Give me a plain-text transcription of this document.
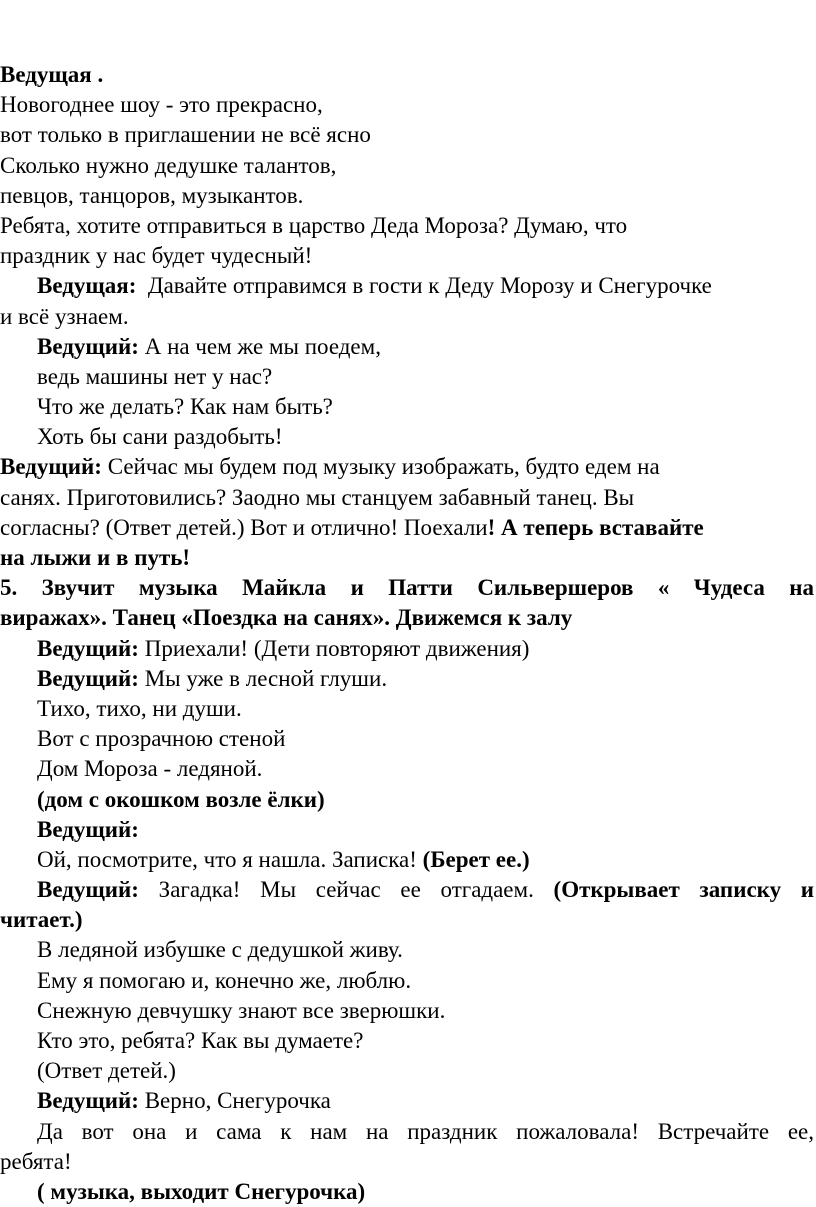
Ведущая .
Новогоднее шоу - это прекрасно,
вот только в приглашении не всё ясно
Сколько нужно дедушке талантов,
певцов, танцоров, музыкантов.
Ребята, хотите отправиться в царство Деда Мороза? Думаю, что
праздник у нас будет чудесный!
Ведущая: Давайте отправимся в гости к Деду Морозу и Снегурочке
и всё узнаем.
Ведущий: А на чем же мы поедем,
ведь машины нет у нас?
Что же делать? Как нам быть?
Хоть бы сани раздобыть!
Ведущий: Сейчас мы будем под музыку изображать, будто едем на
санях. Приготовились? Заодно мы станцуем забавный танец. Вы
согласны? (Ответ детей.) Вот и отлично! Поехали! А теперь вставайте
на лыжи и в путь!
5. Звучит музыка Майкла и Патти Сильвершеров « Чудеса на
виражах». Танец «Поездка на санях». Движемся к залу
Ведущий: Приехали! (Дети повторяют движения)
Ведущий: Мы уже в лесной глуши.
Тихо, тихо, ни души.
Вот с прозрачною стеной
Дом Мороза - ледяной.
(дом с окошком возле ёлки)
Ведущий:
Ой, посмотрите, что я нашла. Записка! (Берет ее.)
Ведущий: Загадка! Мы сейчас ее отгадаем. (Открывает записку и
читает.)
В ледяной избушке с дедушкой живу.
Ему я помогаю и, конечно же, люблю.
Снежную девчушку знают все зверюшки.
Кто это, ребята? Как вы думаете?
(Ответ детей.)
Ведущий: Верно, Снегурочка
Да вот она и сама к нам на праздник пожаловала! Встречайте ее,
ребята!
( музыка, выходит Снегурочка)
